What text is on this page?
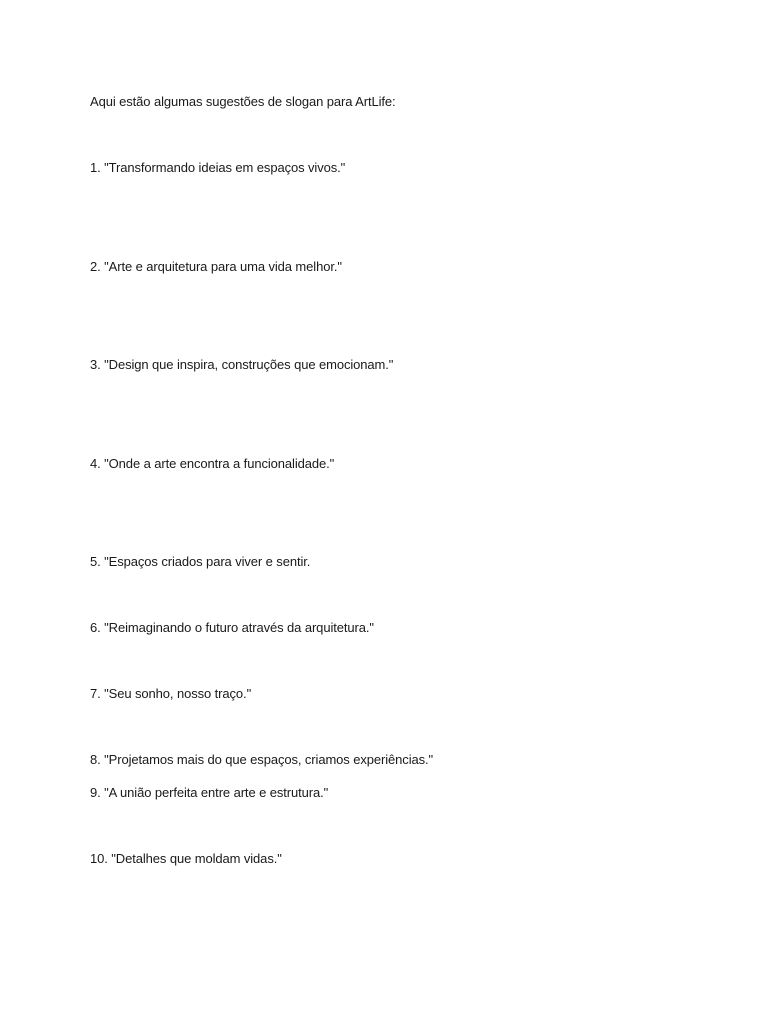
Aqui estão algumas sugestões de slogan para ArtLife:
1. "Transformando ideias em espaços vivos."
2. "Arte e arquitetura para uma vida melhor."
3. "Design que inspira, construções que emocionam."
4. "Onde a arte encontra a funcionalidade."
5. "Espaços criados para viver e sentir.
6. "Reimaginando o futuro através da arquitetura."
7. "Seu sonho, nosso traço."
8. "Projetamos mais do que espaços, criamos experiências."
9. "A união perfeita entre arte e estrutura."
10. "Detalhes que moldam vidas."
